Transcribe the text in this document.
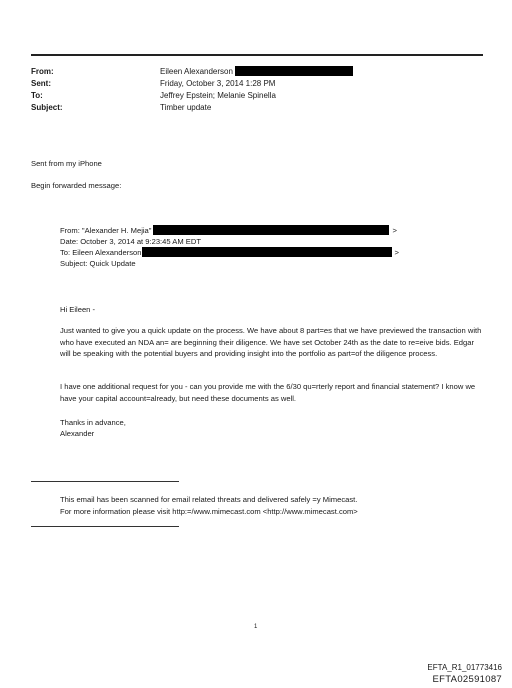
From:	Eileen Alexanderson
Sent:	Friday, October 3, 2014 1:28 PM
To:	Jeffrey Epstein; Melanie Spinella
Subject:	Timber update
Sent from my iPhone
Begin forwarded message:
From: "Alexander H. Mejia"	>
Date: October 3, 2014 at 9:23:45 AM EDT
To: Eileen Alexanderson	>
Subject: Quick Update
Hi Eileen -
Just wanted to give you a quick update on the process. We have about 8 part=es that we have previewed the transaction with who have executed an NDA an= are beginning their diligence. We have set October 24th as the date to re=eive bids. Edgar will be speaking with the potential buyers and providing insight into the portfolio as part=of the diligence process.
I have one additional request for you - can you provide me with the 6/30 qu=rterly report and financial statement? I know we have your capital account=already, but need these documents as well.
Thanks in advance,
Alexander
This email has been scanned for email related threats and delivered safely =y Mimecast.
For more information please visit http:=/www.mimecast.com <http://www.mimecast.com>
1
EFTA_R1_01773416
EFTA02591087
